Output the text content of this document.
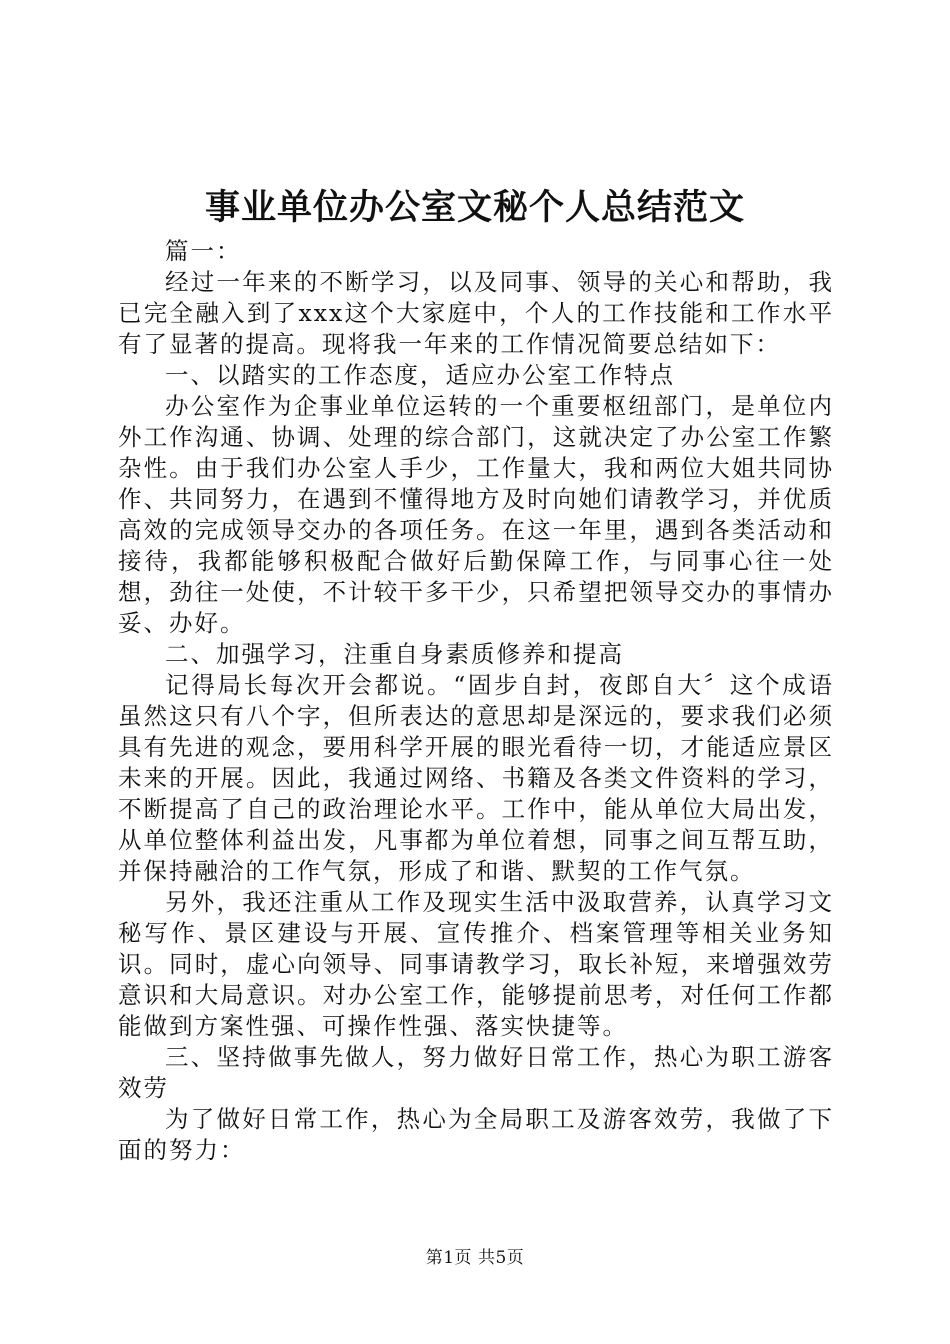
事业单位办公室文秘个人总结范文

篇一：

经过一年来的不断学习，以及同事、领导的关心和帮助，我已完全融入到了xxx这个大家庭中，个人的工作技能和工作水平有了显著的提高。现将我一年来的工作情况简要总结如下：

一、以踏实的工作态度，适应办公室工作特点

办公室作为企事业单位运转的一个重要枢纽部门，是单位内外工作沟通、协调、处理的综合部门，这就决定了办公室工作繁杂性。由于我们办公室人手少，工作量大，我和两位大姐共同协作、共同努力，在遇到不懂得地方及时向她们请教学习，并优质高效的完成领导交办的各项任务。在这一年里，遇到各类活动和接待，我都能够积极配合做好后勤保障工作，与同事心往一处想，劲往一处使，不计较干多干少，只希望把领导交办的事情办妥、办好。

二、加强学习，注重自身素质修养和提高

记得局长每次开会都说。“固步自封，夜郎自大〞这个成语虽然这只有八个字，但所表达的意思却是深远的，要求我们必须具有先进的观念，要用科学开展的眼光看待一切，才能适应景区未来的开展。因此，我通过网络、书籍及各类文件资料的学习，不断提高了自己的政治理论水平。工作中，能从单位大局出发，从单位整体利益出发，凡事都为单位着想，同事之间互帮互助，并保持融洽的工作气氛，形成了和谐、默契的工作气氛。

另外，我还注重从工作及现实生活中汲取营养，认真学习文秘写作、景区建设与开展、宣传推介、档案管理等相关业务知识。同时，虚心向领导、同事请教学习，取长补短，来增强效劳意识和大局意识。对办公室工作，能够提前思考，对任何工作都能做到方案性强、可操作性强、落实快捷等。

三、坚持做事先做人，努力做好日常工作，热心为职工游客效劳

为了做好日常工作，热心为全局职工及游客效劳，我做了下面的努力：

第1页 共5页
